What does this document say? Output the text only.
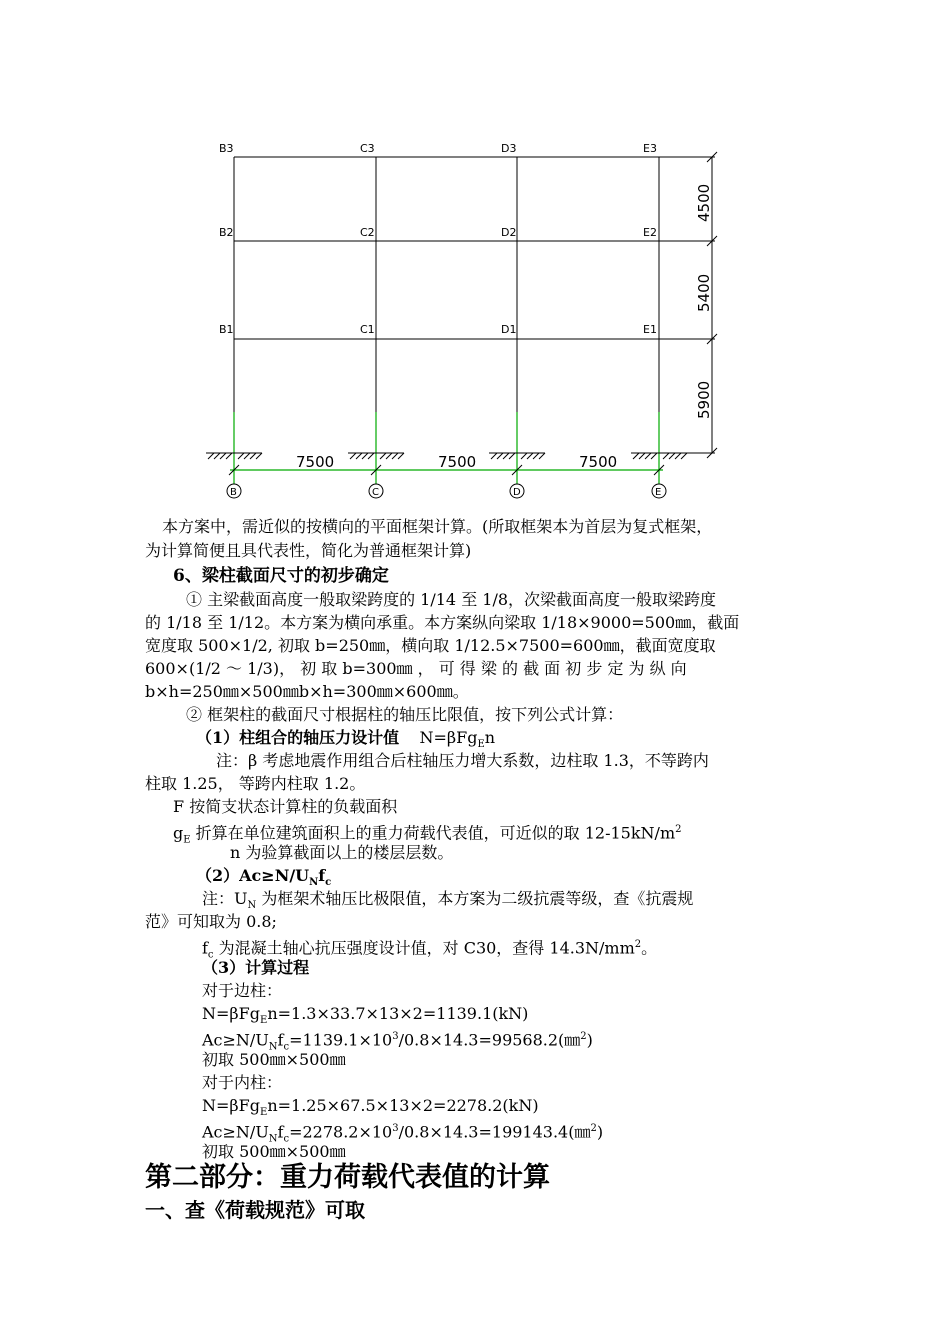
B	C	D	E
B3	C3	D3	E3
B2	C2	D2	E2
B1	C1	D1	E1
7500	7500	7500
4500
5400
5900
本方案中，需近似的按横向的平面框架计算。(所取框架本为首层为复式框架，
为计算简便且具代表性，简化为普通框架计算)
6、梁柱截面尺寸的初步确定
① 主梁截面高度一般取梁跨度的 1/14 至 1/8，次梁截面高度一般取梁跨度
的 1/18 至 1/12。本方案为横向承重。本方案纵向梁取 1/18×9000=500㎜，截面
宽度取 500×1/2, 初取 b=250㎜，横向取 1/12.5×7500=600㎜，截面宽度取
600×(1/2 ～ 1/3)， 初 取 b=300㎜ ， 可 得 梁 的 截 面 初 步 定 为 纵 向
b×h=250㎜×500㎜b×h=300㎜×600㎜。
② 框架柱的截面尺寸根据柱的轴压比限值，按下列公式计算：
（1）柱组合的轴压力设计值 N=βFg$_E$n
注：β 考虑地震作用组合后柱轴压力增大系数，边柱取 1.3，不等跨内
柱取 1.25， 等跨内柱取 1.2。
F 按简支状态计算柱的负载面积
$g_E$ 折算在单位建筑面积上的重力荷载代表值，可近似的取 $12-15kN/m^2$
n 为验算截面以上的楼层层数。
$(2)Ac\ge N/U_Nf_c$
注：$U_N$ 为框架术轴压比极限值，本方案为二级抗震等级，查《抗震规
范》可知取为 0.8;
$f_c$ 为混凝土轴心抗压强度设计值，对 C30，查得 $14.3N/mm^2$。
（3）计算过程
对于边柱：
N=βFg$_E$n=1.3×33.7×13×2=1139.1(kN)
$Ac\ge N/U_Nf_c=1139.1\times 10^3/0.8\times 14.3=99568.2(㎜^2)$
初取 500㎜×500㎜
对于内柱：
N=βFg$_E$n=1.25×67.5×13×2=2278.2(kN)
$Ac\ge N/U_Nf_c=2278.2\times 10^3/0.8\times 14.3=199143.4(㎜^2)$
初取 500㎜×500㎜
第二部分：重力荷载代表值的计算
一、查《荷载规范》可取
